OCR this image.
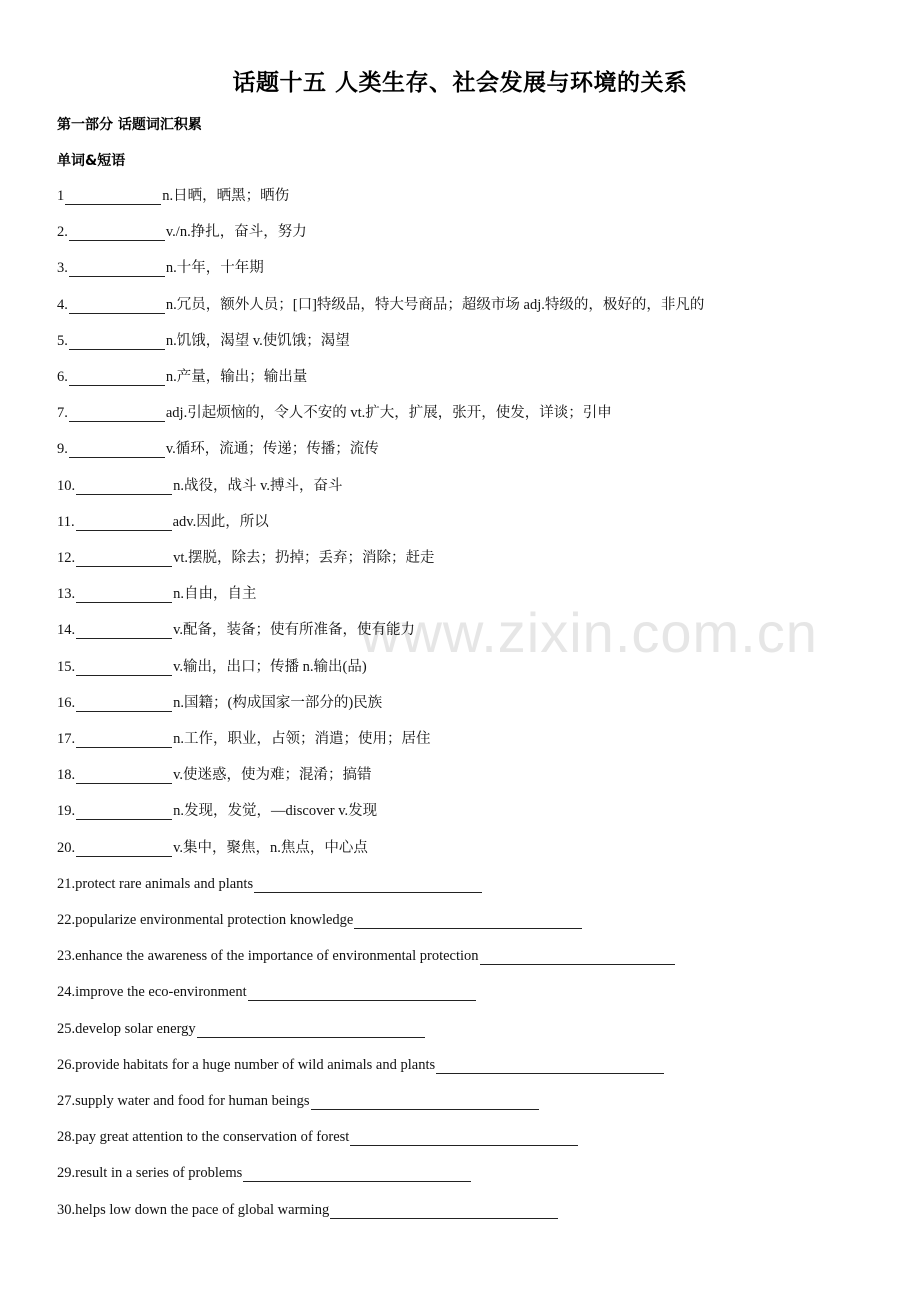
www.zixin.com.cn
话题十五 人类生存、社会发展与环境的关系
第一部分 话题词汇积累
单词&短语
1	n.日晒，晒黑；晒伤
2.	v./n.挣扎，奋斗，努力
3.	n.十年，十年期
4.	n.冗员，额外人员；[口]特级品，特大号商品；超级市场 adj.特级的，极好的，非凡的
5.	n.饥饿，渴望 v.使饥饿；渴望
6.	n.产量，输出；输出量
7.	adj.引起烦恼的，令人不安的 vt.扩大，扩展，张开，使发，详谈；引申
9.	v.循环，流通；传递；传播；流传
10.	n.战役，战斗 v.搏斗，奋斗
11.	adv.因此，所以
12.	vt.摆脱，除去；扔掉；丢弃；消除；赶走
13.	n.自由，自主
14.	v.配备，装备；使有所准备，使有能力
15.	v.输出，出口；传播 n.输出(品)
16.	n.国籍；(构成国家一部分的)民族
17.	n.工作，职业，占领；消遣；使用；居住
18.	v.使迷惑，使为难；混淆；搞错
19.	n.发现，发觉，—discover v.发现
20.	v.集中，聚焦，n.焦点，中心点
21.protect rare animals and plants
22.popularize environmental protection knowledge
23.enhance the awareness of the importance of environmental protection
24.improve the eco-environment
25.develop solar energy
26.provide habitats for a huge number of wild animals and plants
27.supply water and food for human beings
28.pay great attention to the conservation of forest
29.result in a series of problems
30.helps low down the pace of global warming
